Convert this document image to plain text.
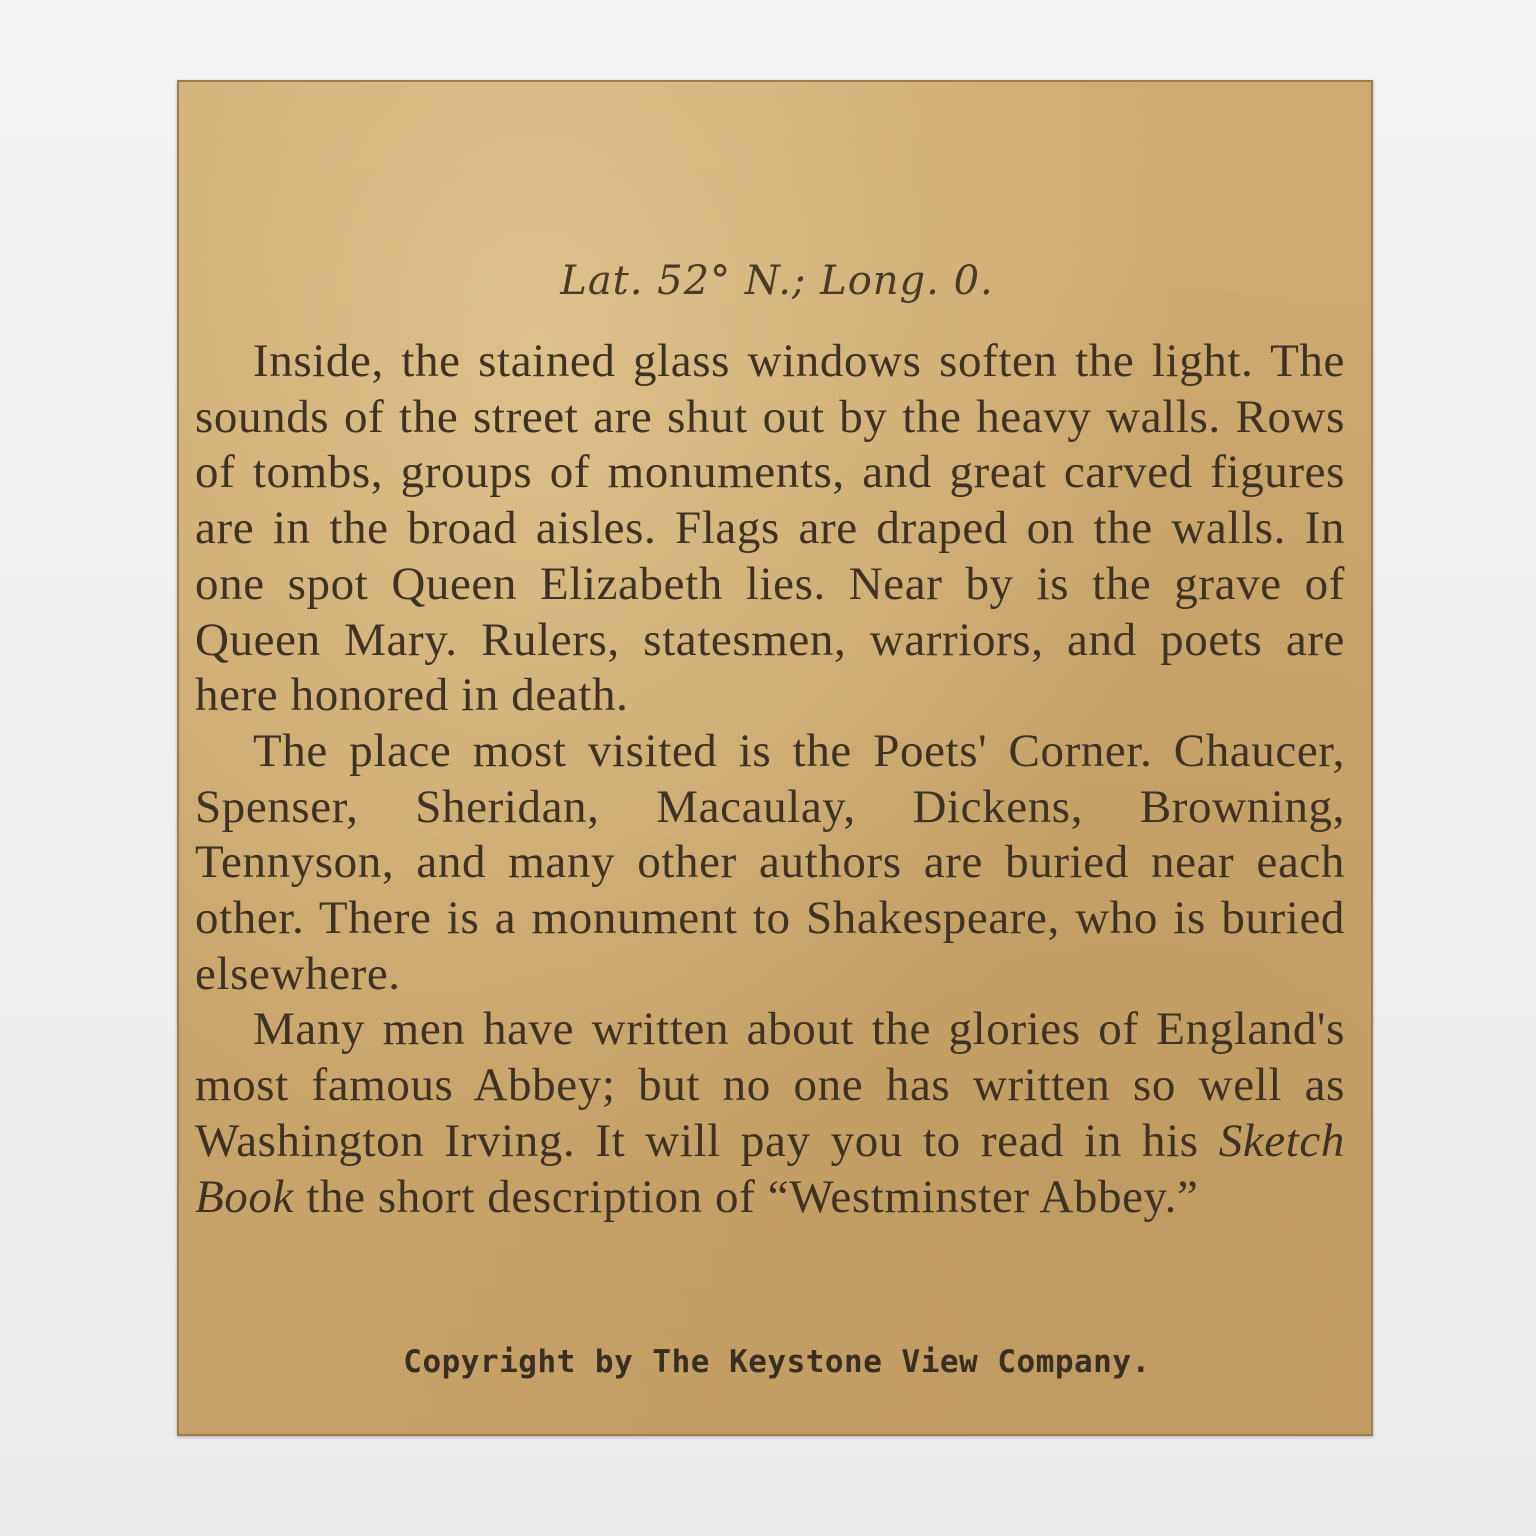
Lat. 52° N.; Long. 0.

Inside, the stained glass windows soften the light. The sounds of the street are shut out by the heavy walls. Rows of tombs, groups of monuments, and great carved figures are in the broad aisles. Flags are draped on the walls. In one spot Queen Elizabeth lies. Near by is the grave of Queen Mary. Rulers, statesmen, warriors, and poets are here honored in death.

The place most visited is the Poets' Corner. Chaucer, Spenser, Sheridan, Macaulay, Dickens, Browning, Tennyson, and many other authors are buried near each other. There is a monument to Shakespeare, who is buried elsewhere.

Many men have written about the glories of England's most famous Abbey; but no one has written so well as Washington Irving. It will pay you to read in his Sketch Book the short description of “Westminster Abbey.”

Copyright by The Keystone View Company.
